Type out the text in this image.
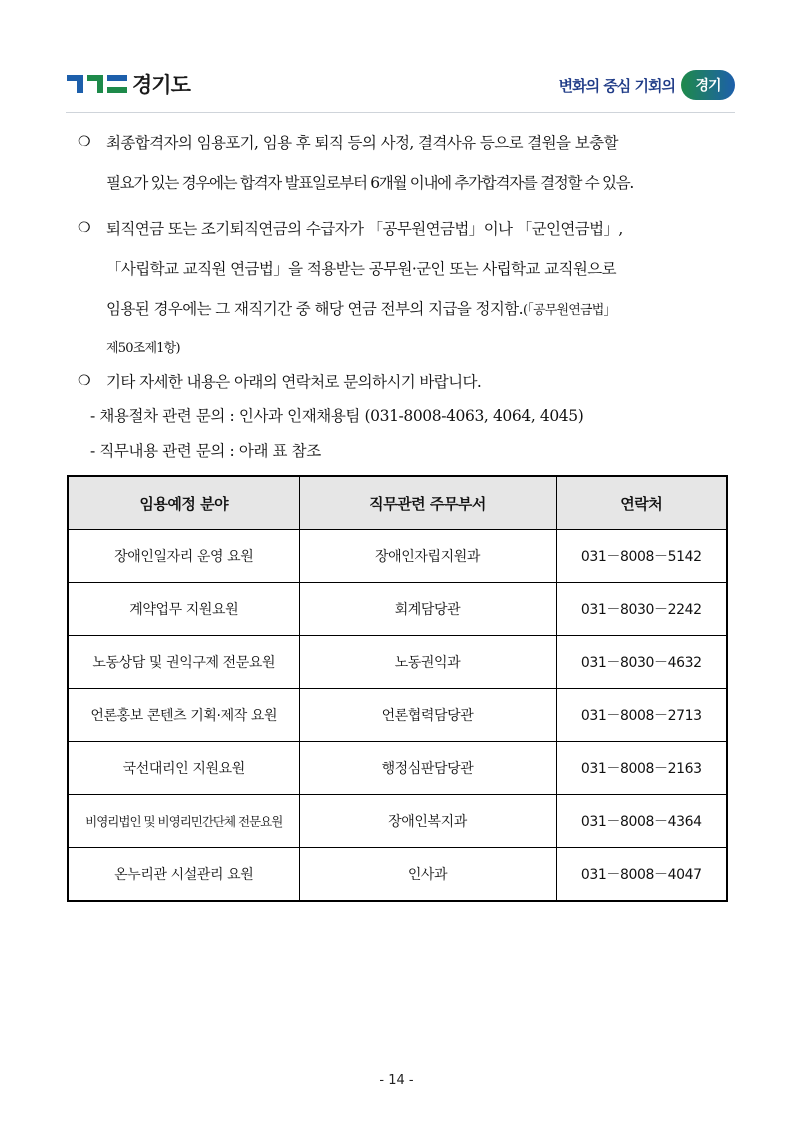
경기도	변화의 중심 기회의	경기
❍	최종합격자의 임용포기, 임용 후 퇴직 등의 사정, 결격사유 등으로 결원을 보충할
필요가 있는 경우에는 합격자 발표일로부터 6개월 이내에 추가합격자를 결정할 수 있음.
❍	퇴직연금 또는 조기퇴직연금의 수급자가 「공무원연금법」이나 「군인연금법」,
「사립학교 교직원 연금법」을 적용받는 공무원·군인 또는 사립학교 교직원으로
임용된 경우에는 그 재직기간 중 해당 연금 전부의 지급을 정지함.(「공무원연금법」
제50조제1항)
❍	기타 자세한 내용은 아래의 연락처로 문의하시기 바랍니다.
- 채용절차 관련 문의 : 인사과 인재채용팀 (031-8008-4063, 4064, 4045)
- 직무내용 관련 문의 : 아래 표 참조
임용예정 분야	직무관련 주무부서	연락처
장애인일자리 운영 요원	장애인자립지원과	031－8008－5142
계약업무 지원요원	회계담당관	031－8030－2242
노동상담 및 권익구제 전문요원	노동권익과	031－8030－4632
언론홍보 콘텐츠 기획·제작 요원	언론협력담당관	031－8008－2713
국선대리인 지원요원	행정심판담당관	031－8008－2163
비영리법인 및 비영리민간단체 전문요원	장애인복지과	031－8008－4364
온누리관 시설관리 요원	인사과	031－8008－4047
- 14 -
